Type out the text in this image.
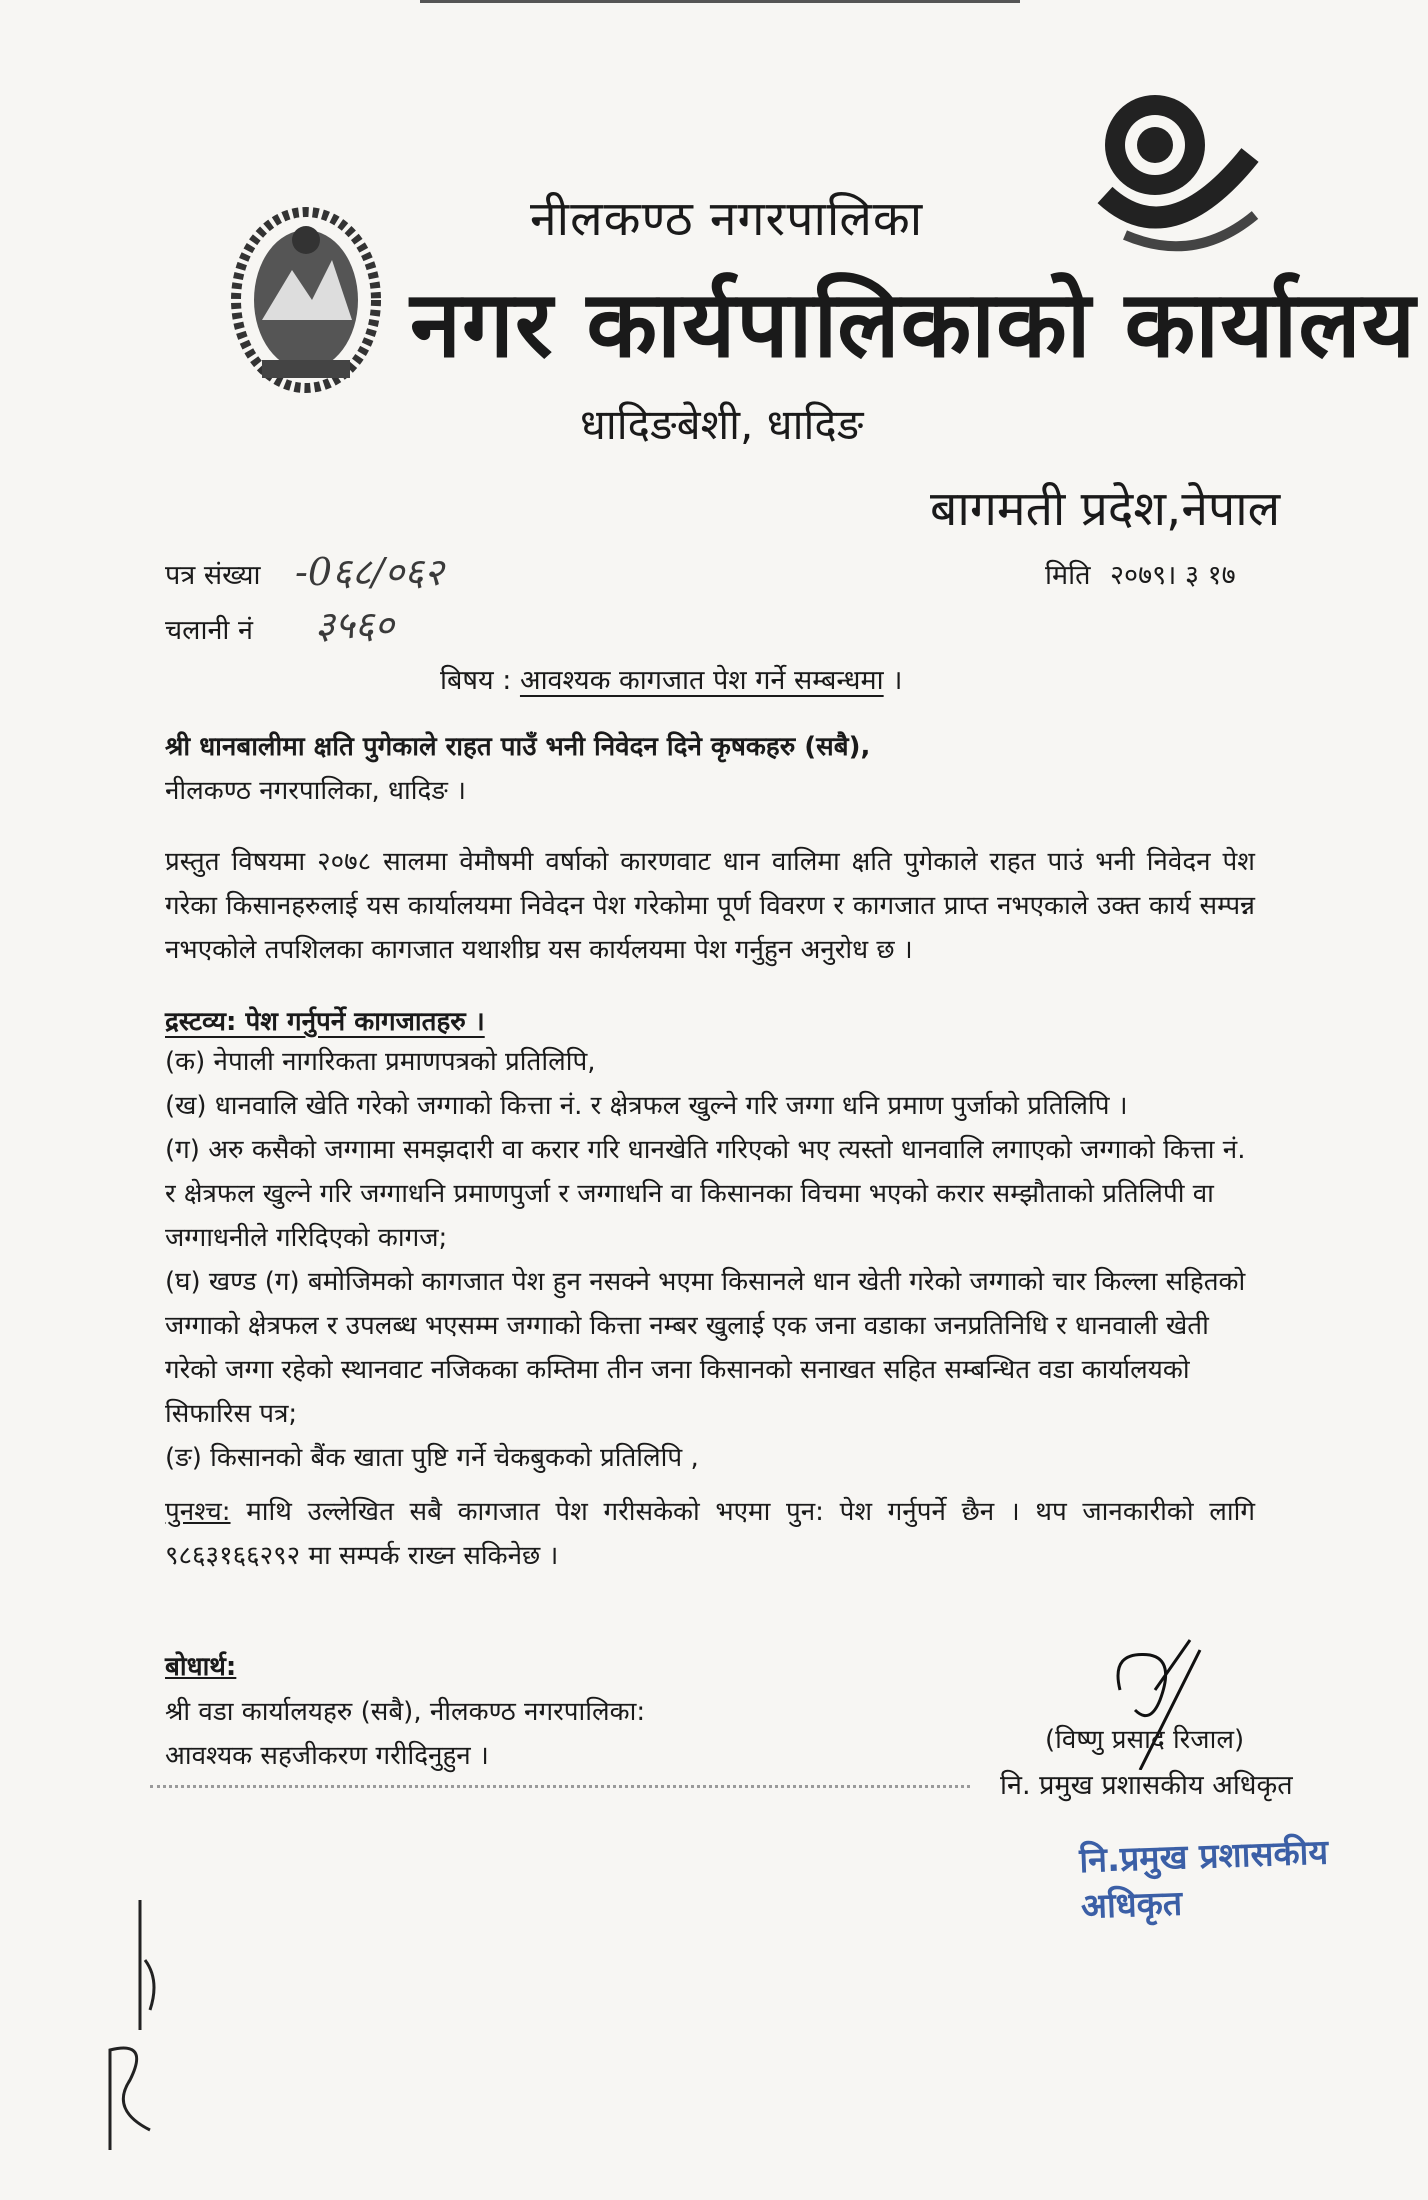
नीलकण्ठ नगरपालिका
नगर कार्यपालिकाको कार्यालय
धादिङबेशी, धादिङ
बागमती प्रदेश,नेपाल
पत्र संख्या -0६८/०६२
चलानी नं ३५६०
मिति २०७९। ३ १७
बिषय : आवश्यक कागजात पेश गर्ने सम्बन्धमा ।
श्री धानबालीमा क्षति पुगेकाले राहत पाउँ भनी निवेदन दिने कृषकहरु (सबै),
नीलकण्ठ नगरपालिका, धादिङ ।
प्रस्तुत विषयमा २०७८ सालमा वेमौषमी वर्षाको कारणवाट धान वालिमा क्षति पुगेकाले राहत पाउं भनी निवेदन पेश गरेका किसानहरुलाई यस कार्यालयमा निवेदन पेश गरेकोमा पूर्ण विवरण र कागजात प्राप्त नभएकाले उक्त कार्य सम्पन्न नभएकोले तपशिलका कागजात यथाशीघ्र यस कार्यलयमा पेश गर्नुहुन अनुरोध छ ।
द्रस्टव्य: पेश गर्नुपर्ने कागजातहरु ।
(क) नेपाली नागरिकता प्रमाणपत्रको प्रतिलिपि,
(ख) धानवालि खेति गरेको जग्गाको कित्ता नं. र क्षेत्रफल खुल्ने गरि जग्गा धनि प्रमाण पुर्जाको प्रतिलिपि ।
(ग) अरु कसैको जग्गामा समझदारी वा करार गरि धानखेति गरिएको भए त्यस्तो धानवालि लगाएको जग्गाको कित्ता नं. र क्षेत्रफल खुल्ने गरि जग्गाधनि प्रमाणपुर्जा र जग्गाधनि वा किसानका विचमा भएको करार सम्झौताको प्रतिलिपी वा जग्गाधनीले गरिदिएको कागज;
(घ) खण्ड (ग) बमोजिमको कागजात पेश हुन नसक्ने भएमा किसानले धान खेती गरेको जग्गाको चार किल्ला सहितको जग्गाको क्षेत्रफल र उपलब्ध भएसम्म जग्गाको कित्ता नम्बर खुलाई एक जना वडाका जनप्रतिनिधि र धानवाली खेती गरेको जग्गा रहेको स्थानवाट नजिकका कम्तिमा तीन जना किसानको सनाखत सहित सम्बन्धित वडा कार्यालयको सिफारिस पत्र;
(ङ) किसानको बैंक खाता पुष्टि गर्ने चेकबुकको प्रतिलिपि ,
पुनश्च: माथि उल्लेखित सबै कागजात पेश गरीसकेको भएमा पुन: पेश गर्नुपर्ने छैन । थप जानकारीको लागि ९८६३१६६२९२ मा सम्पर्क राख्न सकिनेछ ।
बोधार्थ:
श्री वडा कार्यालयहरु (सबै), नीलकण्ठ नगरपालिका:
आवश्यक सहजीकरण गरीदिनुहुन ।
(विष्णु प्रसाद रिजाल)
नि. प्रमुख प्रशासकीय अधिकृत
नि.प्रमुख प्रशासकीय अधिकृत
